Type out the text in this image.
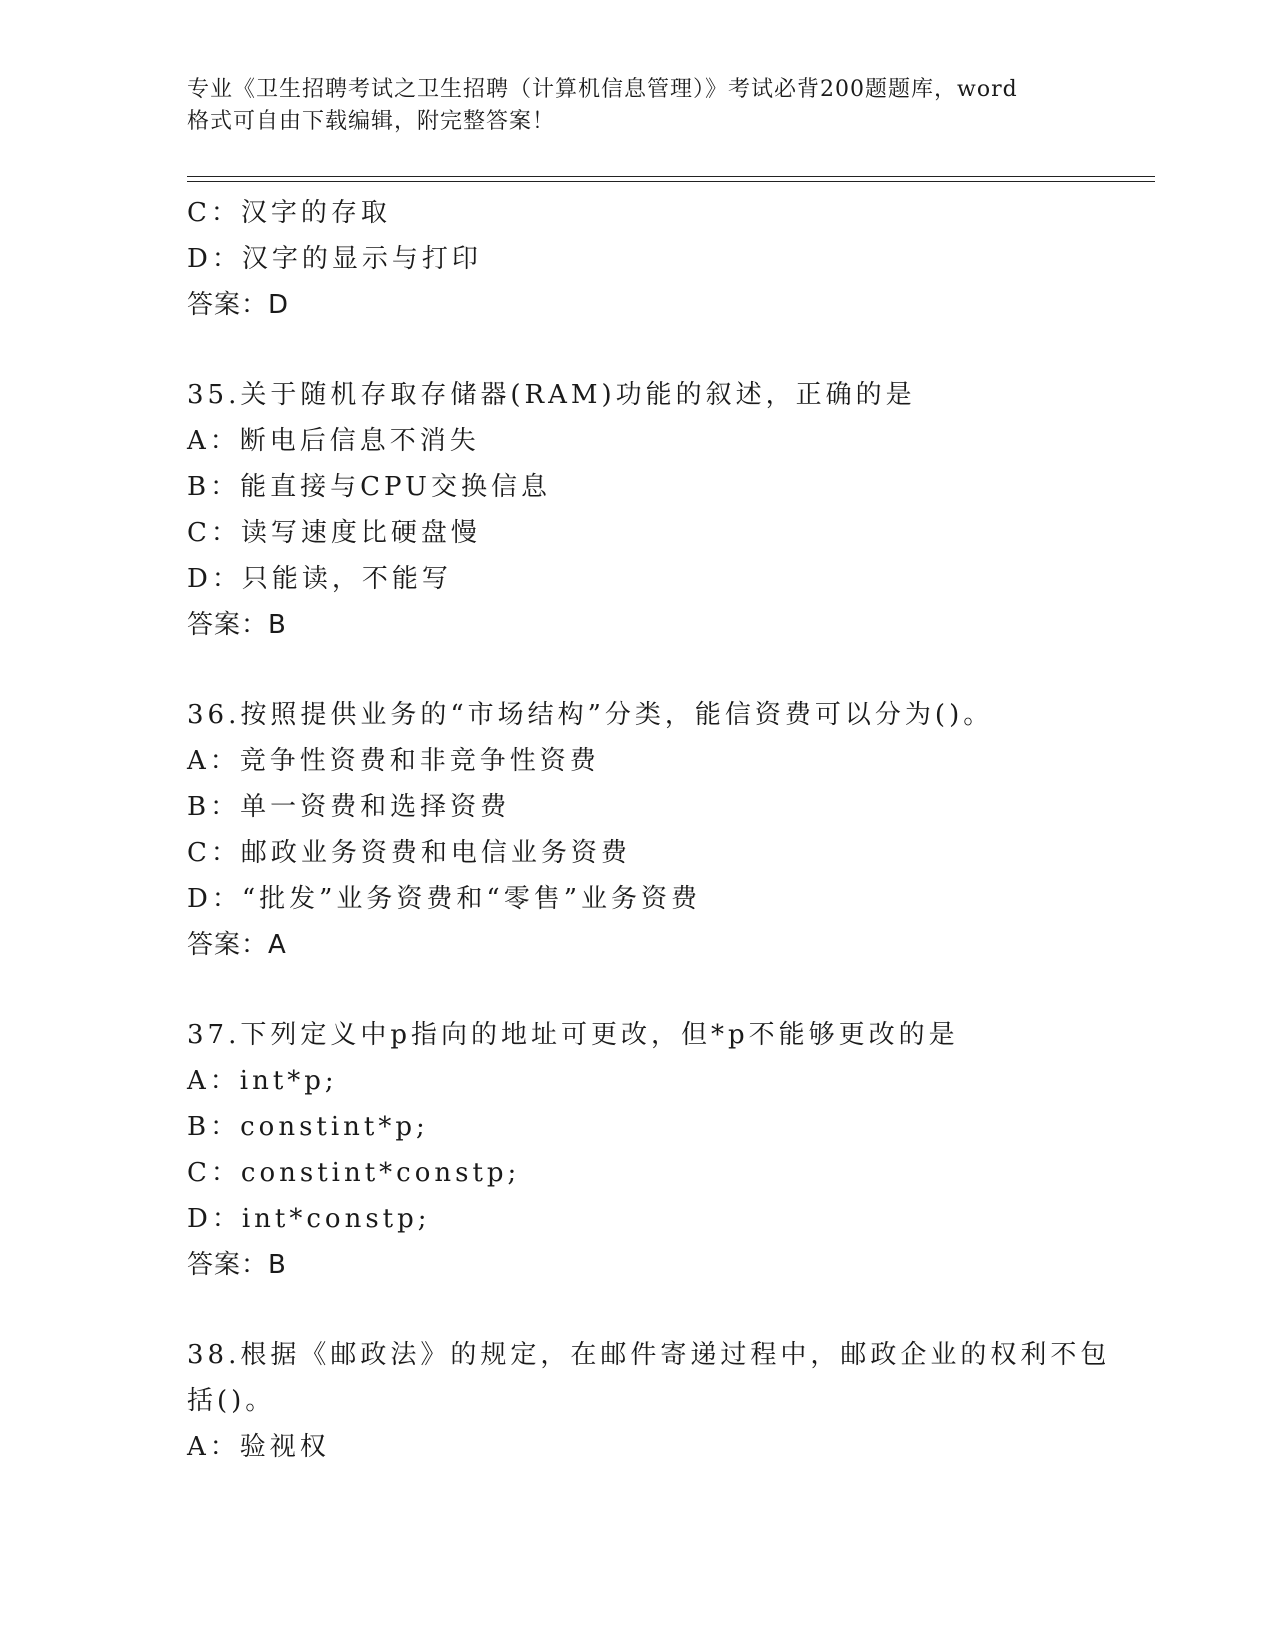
专业《卫生招聘考试之卫生招聘（计算机信息管理）》考试必背200题题库，word
格式可自由下载编辑，附完整答案！
C：汉字的存取
D：汉字的显示与打印
答案：D
35.关于随机存取存储器(RAM)功能的叙述，正确的是
A：断电后信息不消失
B：能直接与CPU交换信息
C：读写速度比硬盘慢
D：只能读，不能写
答案：B
36.按照提供业务的“市场结构”分类，能信资费可以分为()。
A：竞争性资费和非竞争性资费
B：单一资费和选择资费
C：邮政业务资费和电信业务资费
D：“批发”业务资费和“零售”业务资费
答案：A
37.下列定义中p指向的地址可更改，但*p不能够更改的是
A：int*p;
B：constint*p;
C：constint*constp;
D：int*constp;
答案：B
38.根据《邮政法》的规定，在邮件寄递过程中，邮政企业的权利不包
括()。
A：验视权
